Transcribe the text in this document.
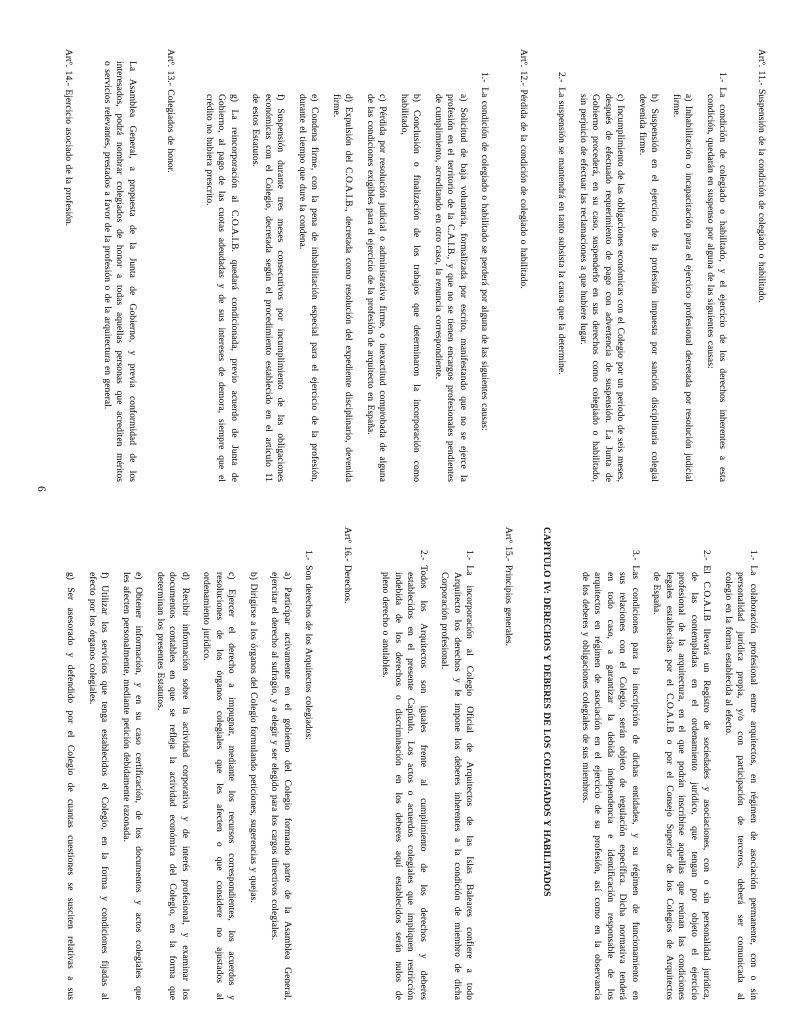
Artº. 11.- Suspensión de la condición de colegiado o habilitado.
1.- La condición de colegiado o habilitado, y el ejercicio de los derechos inherentes a esta
condición, quedarán en suspenso por alguna de las siguientes causas:
a) Inhabilitación o incapacitación para el ejercicio profesional decretada por resolución judicial
firme.
b) Suspensión en el ejercicio de la profesión impuesta por sanción disciplinaria colegial
devenida firme.
c) Incumplimiento de las obligaciones económicas con el Colegio por un periodo de seis meses,
después de efectuado requerimiento de pago con advertencia de suspensión. La Junta de
Gobierno procederá, en su caso, suspenderlo en sus derechos como colegiado o habilitado,
sin perjuicio de efectuar las reclamaciones a que hubiere lugar.
2.- La suspensión se mantendrá en tanto subsista la causa que la determine.
Artº. 12.- Pérdida de la condición de colegiado o habilitado.
1.- La condición de colegiado o habilitado se perderá por alguna de las siguientes causas:
a) Solicitud de baja voluntaria, formalizada por escrito, manifestando que no se ejerce la
profesión en el territorio de la C.A.I.B., y que no se tienen encargos profesionales pendientes
de cumplimiento, acreditando en otro caso, la renuncia correspondiente.
b) Conclusión o finalización de los trabajos que determinaron la incorporación como
habilitado,
c) Pérdida por resolución judicial o administrativa firme, o inexactitud comprobada de alguna
de las condiciones exigibles para el ejercicio de la profesión de arquitecto en España.
d) Expulsión del C.O.A.I.B., decretada como resolución del expediente disciplinario, devenida
firme.
e) Condena firme, con la pena de inhabilitación especial para el ejercicio de la profesión,
durante el tiempo que dure la condena.
f) Suspensión durante tres meses consecutivos por incumplimiento de las obligaciones
económicas con el Colegio, decretada según el procedimiento establecido en el artículo 11
de estos Estatutos.
g) La reincorporación al C.O.A.I.B. quedará condicionada, previo acuerdo de Junta de
Gobierno, al pago de las cuotas adeudadas y de sus intereses de demora, siempre que el
crédito no hubiera prescrito.
Artº. 13.- Colegiados de honor.
La Asamblea General, a propuesta de la Junta de Gobierno, y previa conformidad de los
interesados, podrá nombrar colegiados de honor a todas aquellas personas que acrediten méritos
o servicios relevantes, prestados a favor de la profesión o de la arquitectura en general.
Artº. 14.- Ejercicio asociado de la profesión.
1.- La colaboración profesional entre arquitectos, en régimen de asociación permanente, con o sin
personalidad jurídica propia, y/o con participación de terceros, deberá ser comunicada al
colegio en la forma establecida al efecto.
2.- El C.O.A.I.B llevará un Registro de sociedades y asociaciones, con o sin personalidad jurídica,
de las contempladas en el ordenamiento jurídico, que tengan por objeto el ejercicio
profesional de la arquitectura, en el que podrán inscribirse aquellas que reúnan las condiciones
legales establecidas por el C.O.A.I.B o por el Consejo Superior de los Colegios de Arquitectos
de España.
3.- Las condiciones para la inscripción de dichas entidades, y su régimen de funcionamiento en
sus relaciones con el Colegio, serán objeto de regulación específica. Dicha normativa tenderá
en todo caso, a garantizar la debida independencia e identificación responsable de los
arquitectos en régimen de asociación en el ejercicio de su profesión, así como en la observancia
de los deberes y obligaciones colegiales de sus miembros.
CAPITULO IV: DERECHOS Y DEBERES DE LOS COLEGIADOS Y HABILITADOS
Artº 15.- Principios generales.
1.- La incorporación al Colegio Oficial de Arquitectos de las Islas Baleares confiere a todo
Arquitecto los derechos y le impone los deberes inherentes a la condición de miembro de dicha
Corporación profesional.
2.- Todos los Arquitectos son iguales frente al cumplimiento de los derechos y deberes
establecidos en el presente Capítulo. Los actos o acuerdos colegiales que impliquen restricción
indebida de los derechos o discriminación en los deberes aquí establecidos serán nulos de
pleno derecho o anulables.
Artº 16.- Derechos.
1.- Son derechos de los Arquitectos colegiados:
a) Participar activamente en el gobierno del Colegio formando parte de la Asamblea General,
ejercitar el derecho al sufragio, y a elegir y ser elegido para los cargos directivos colegiales.
b) Dirigirse a los órganos del Colegio formulando peticiones, sugerencias y quejas.
c) Ejercer el derecho a impugnar, mediante los recursos correspondientes, los acuerdos y
resoluciones de los órganos colegiales que les afecten o que considere no ajustados al
ordenamiento jurídico.
d) Recibir información sobre la actividad corporativa y de interés profesional, y examinar los
documentos contables en que se refleja la actividad económica del Colegio, en la forma que
determinan los presentes Estatutos.
e) Obtener información, y en su caso certificación, de los documentos y actos colegiales que
les afecten personalmente, mediante petición debidamente razonada.
f) Utilizar los servicios que tenga establecidos el Colegio, en la forma y condiciones fijadas al
efecto por los órganos colegiales.
g) Ser asesorado y defendido por el Colegio de cuantas cuestiones se susciten relativas a sus
6
